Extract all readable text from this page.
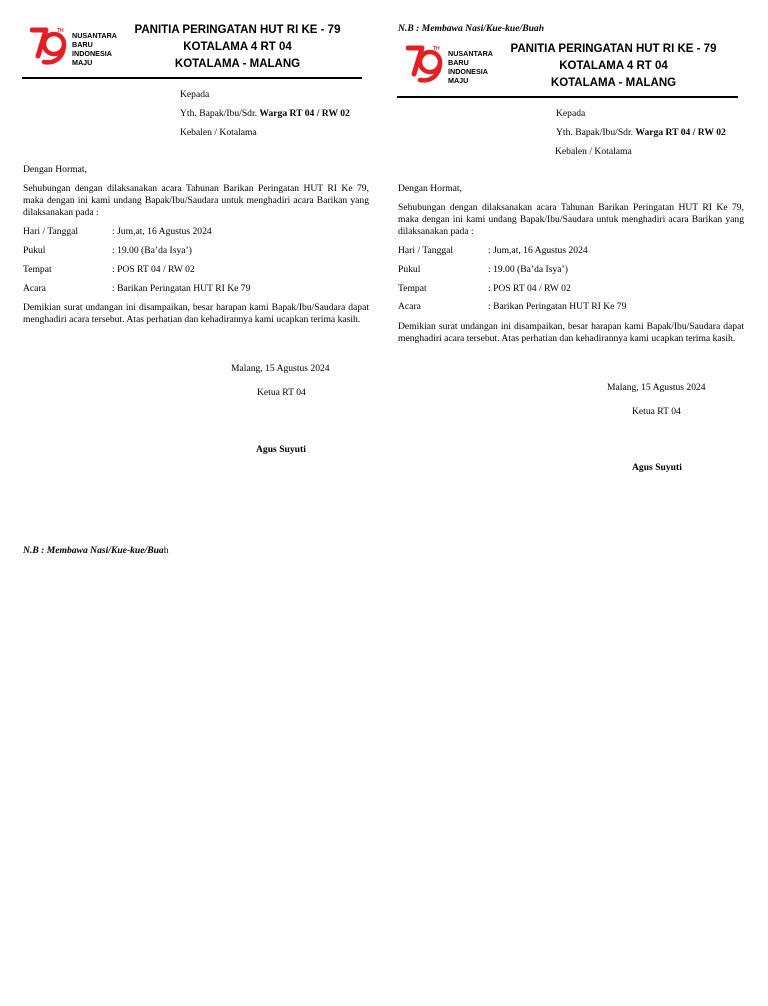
TH NUSANTARA
BARU
INDONESIA
MAJU
PANITIA PERINGATAN HUT RI KE - 79
KOTALAMA 4 RT 04
KOTALAMA - MALANG
Kepada
Yth. Bapak/Ibu/Sdr. Warga RT 04 / RW 02
Kebalen / Kotalama
Dengan Hormat,
Sehubungan dengan dilaksanakan acara Tahunan Barikan Peringatan HUT RI Ke 79, maka dengan ini kami undang Bapak/Ibu/Saudara untuk menghadiri acara Barikan yang dilaksanakan pada :
Hari / Tanggal	: Jum,at, 16 Agustus 2024
Pukul	: 19.00 (Ba’da Isya’)
Tempat	: POS RT 04 / RW 02
Acara	: Barikan Peringatan HUT RI Ke 79
Demikian surat undangan ini disampaikan, besar harapan kami Bapak/Ibu/Saudara dapat menghadiri acara tersebut. Atas perhatian dan kehadirannya kami ucapkan terima kasih.
Malang, 15 Agustus 2024
Ketua RT 04
Agus Suyuti
N.B : Membawa Nasi/Kue-kue/Buah
N.B : Membawa Nasi/Kue-kue/Buah
TH NUSANTARA
BARU
INDONESIA
MAJU
PANITIA PERINGATAN HUT RI KE - 79
KOTALAMA 4 RT 04
KOTALAMA - MALANG
Kepada
Yth. Bapak/Ibu/Sdr. Warga RT 04 / RW 02
Kebalen / Kotalama
Dengan Hormat,
Sehubungan dengan dilaksanakan acara Tahunan Barikan Peringatan HUT RI Ke 79, maka dengan ini kami undang Bapak/Ibu/Saudara untuk menghadiri acara Barikan yang dilaksanakan pada :
Hari / Tanggal	: Jum,at, 16 Agustus 2024
Pukul	: 19.00 (Ba’da Isya’)
Tempat	: POS RT 04 / RW 02
Acara	: Barikan Peringatan HUT RI Ke 79
Demikian surat undangan ini disampaikan, besar harapan kami Bapak/Ibu/Saudara dapat menghadiri acara tersebut. Atas perhatian dan kehadirannya kami ucapkan terima kasih.
Malang, 15 Agustus 2024
Ketua RT 04
Agus Suyuti
